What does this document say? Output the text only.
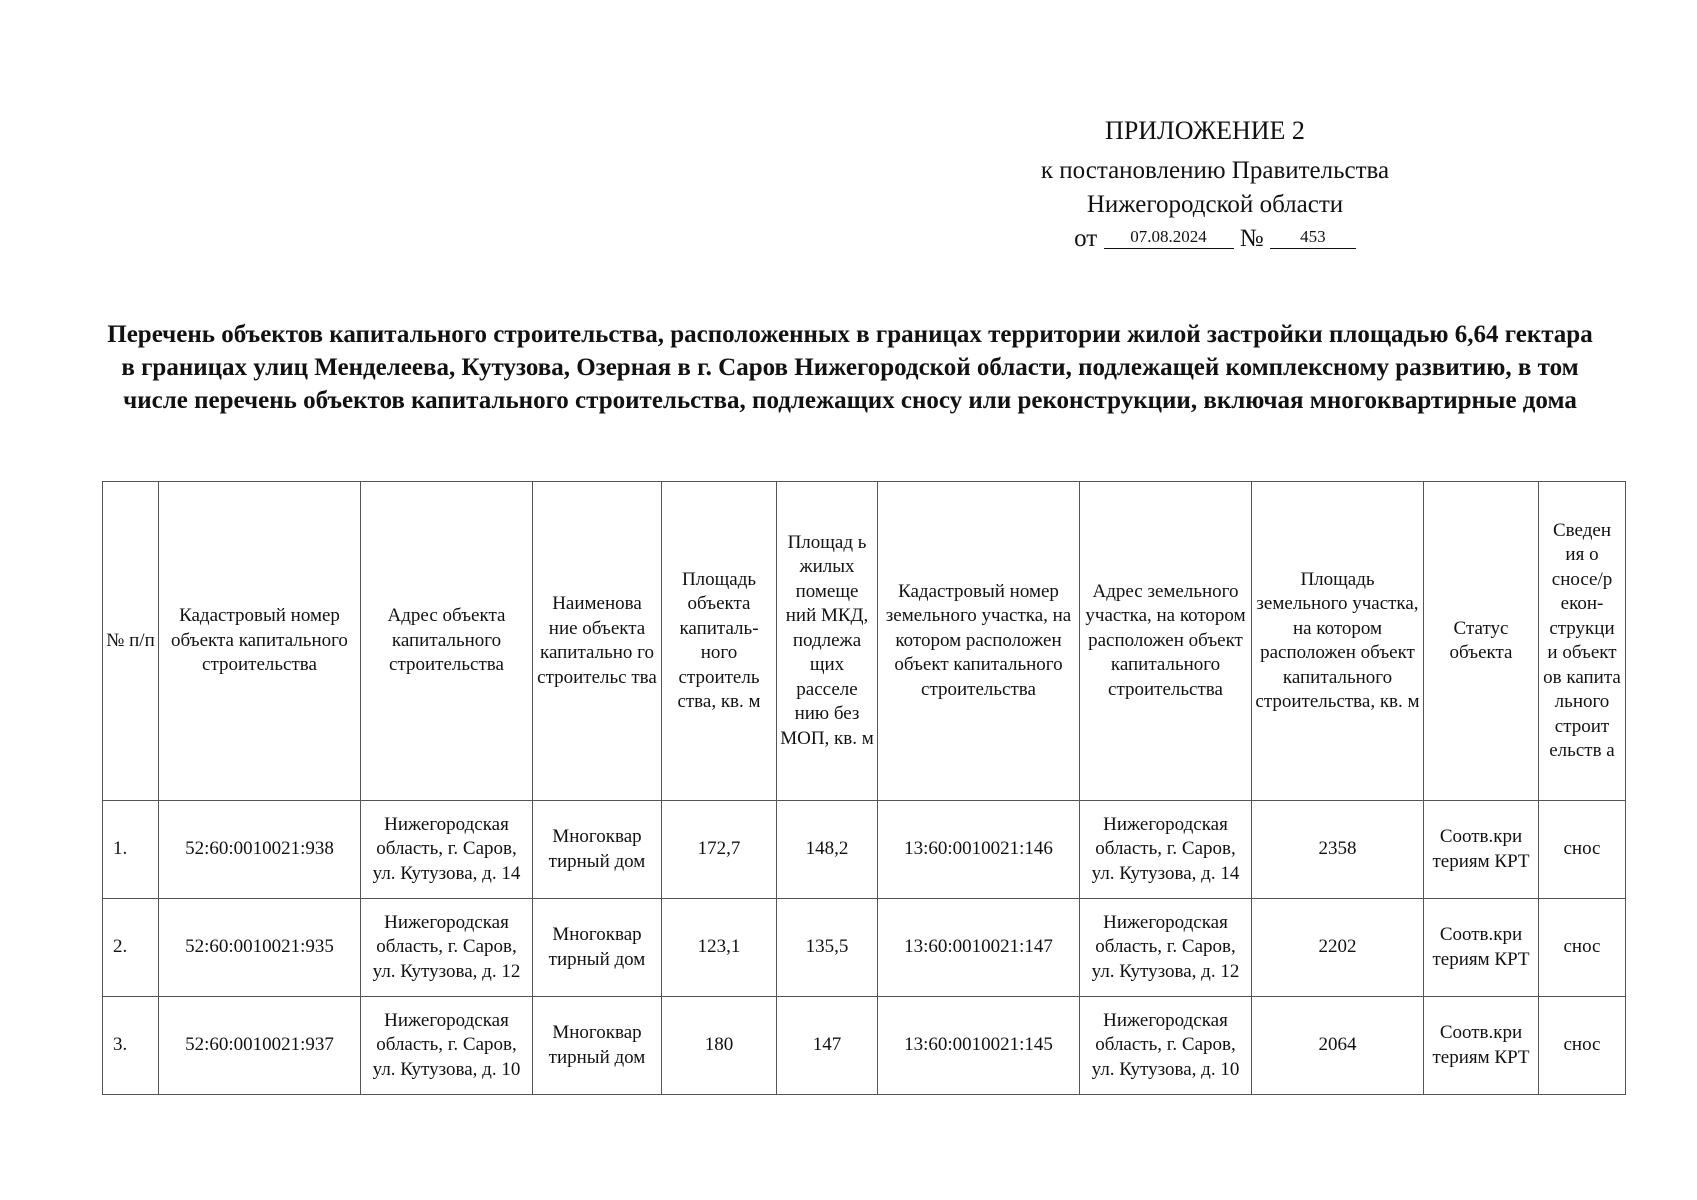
ПРИЛОЖЕНИЕ 2
к постановлению Правительства
Нижегородской области
от 07.08.2024 № 453
Перечень объектов капитального строительства, расположенных в границах территории жилой застройки площадью 6,64 гектара в границах улиц Менделеева, Кутузова, Озерная в г. Саров Нижегородской области, подлежащей комплексному развитию, в том числе перечень объектов капитального строительства, подлежащих сносу или реконструкции, включая многоквартирные дома
№ п/п	Кадастровый номер объекта капитального строительства	Адрес объекта капитального строительства	Наименова ние объекта капитально го строительс тва	Площадь объекта капиталь-ного строитель ства, кв. м	Площад ь жилых помеще ний МКД, подлежа щих расселе нию без МОП, кв. м	Кадастровый номер земельного участка, на котором расположен объект капитального строительства	Адрес земельного участка, на котором расположен объект капитального строительства	Площадь земельного участка, на котором расположен объект капитального строительства, кв. м	Статус объекта	Сведен ия о сносе/р екон-струкци и объект ов капита льного строит ельств а
1.	52:60:0010021:938	Нижегородская область, г. Саров, ул. Кутузова, д. 14	Многоквар тирный дом	172,7	148,2	13:60:0010021:146	Нижегородская область, г. Саров, ул. Кутузова, д. 14	2358	Соотв.кри териям КРТ	снос
2.	52:60:0010021:935	Нижегородская область, г. Саров, ул. Кутузова, д. 12	Многоквар тирный дом	123,1	135,5	13:60:0010021:147	Нижегородская область, г. Саров, ул. Кутузова, д. 12	2202	Соотв.кри териям КРТ	снос
3.	52:60:0010021:937	Нижегородская область, г. Саров, ул. Кутузова, д. 10	Многоквар тирный дом	180	147	13:60:0010021:145	Нижегородская область, г. Саров, ул. Кутузова, д. 10	2064	Соотв.кри териям КРТ	снос
